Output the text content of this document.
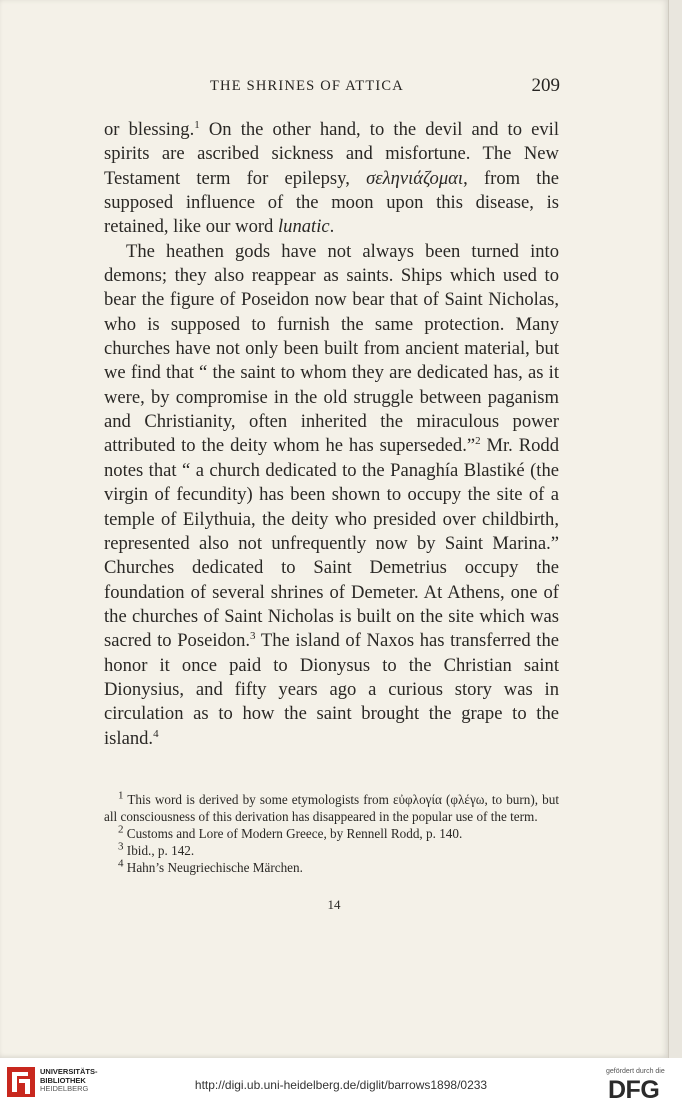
THE SHRINES OF ATTICA	209

or blessing.$^1$ On the other hand, to the devil and to evil spirits are ascribed sickness and misfortune. The New Testament term for epilepsy, σεληνιάζομαι, from the supposed influence of the moon upon this disease, is retained, like our word lunatic.

The heathen gods have not always been turned into demons; they also reappear as saints. Ships which used to bear the figure of Poseidon now bear that of Saint Nicholas, who is supposed to furnish the same protection. Many churches have not only been built from ancient material, but we find that “ the saint to whom they are dedicated has, as it were, by compromise in the old struggle between paganism and Christianity, often inherited the miraculous power attributed to the deity whom he has superseded.”$^2$ Mr. Rodd notes that “ a church dedicated to the Panaghía Blastiké (the virgin of fecundity) has been shown to occupy the site of a temple of Eilythuia, the deity who presided over childbirth, represented also not unfrequently now by Saint Marina.” Churches dedicated to Saint Demetrius occupy the foundation of several shrines of Demeter. At Athens, one of the churches of Saint Nicholas is built on the site which was sacred to Poseidon.$^3$ The island of Naxos has transferred the honor it once paid to Dionysus to the Christian saint Dionysius, and fifty years ago a curious story was in circulation as to how the saint brought the grape to the island.$^4$

$^1$ This word is derived by some etymologists from εὐφλογία (φλέγω, to burn), but all consciousness of this derivation has disappeared in the popular use of the term.

$^2$ Customs and Lore of Modern Greece, by Rennell Rodd, p. 140.

$^3$ Ibid., p. 142.

$^4$ Hahn’s Neugriechische Märchen.

14
UNIVERSITÄTS-
BIBLIOTHEK
HEIDELBERG	http://digi.ub.uni-heidelberg.de/diglit/barrows1898/0233
gefördert durch die
DFG
